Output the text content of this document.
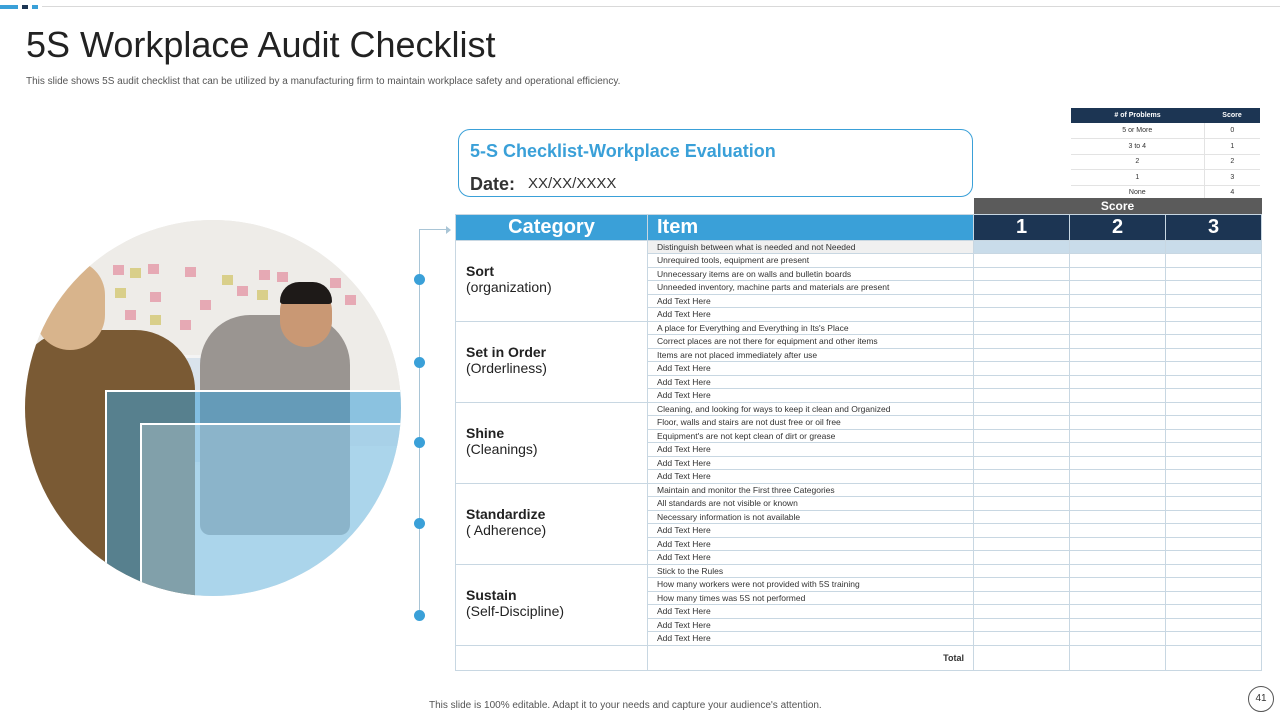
5S Workplace Audit Checklist
This slide shows 5S audit checklist that can be utilized by a manufacturing firm to maintain workplace safety and operational efficiency.
5-S Checklist-Workplace Evaluation
Date: XX/XX/XXXX
# of Problems	Score
5 or More	0
3 to 4	1
2	2
1	3
None	4
		Score		
Category	Item	1	2	3

Sort
(organization)	Distinguish between what is needed and not Needed			
	Unrequired tools, equipment are present			
	Unnecessary items are on walls and bulletin boards			
	Unneeded inventory, machine parts and materials are present			
	Add Text Here			
	Add Text Here			

Set in Order
(Orderliness)	A place for Everything and Everything in Its's Place			
	Correct places are not there for equipment and other items			
	Items are not placed immediately after use			
	Add Text Here			
	Add Text Here			
	Add Text Here			

Shine
(Cleanings)	Cleaning, and looking for ways to keep it clean and Organized			
	Floor, walls and stairs are not dust free or oil free			
	Equipment's are not kept clean of dirt or grease			
	Add Text Here			
	Add Text Here			
	Add Text Here			

Standardize
( Adherence)	Maintain and monitor the First three Categories			
	All standards are not visible or known			
	Necessary information is not available			
	Add Text Here			
	Add Text Here			
	Add Text Here			

Sustain
(Self-Discipline)	Stick to the Rules			
	How many workers were not provided with 5S training			
	How many times was 5S not performed			
	Add Text Here			
	Add Text Here			
	Add Text Here			
	Total			
This slide is 100% editable. Adapt it to your needs and capture your audience's attention.
41
